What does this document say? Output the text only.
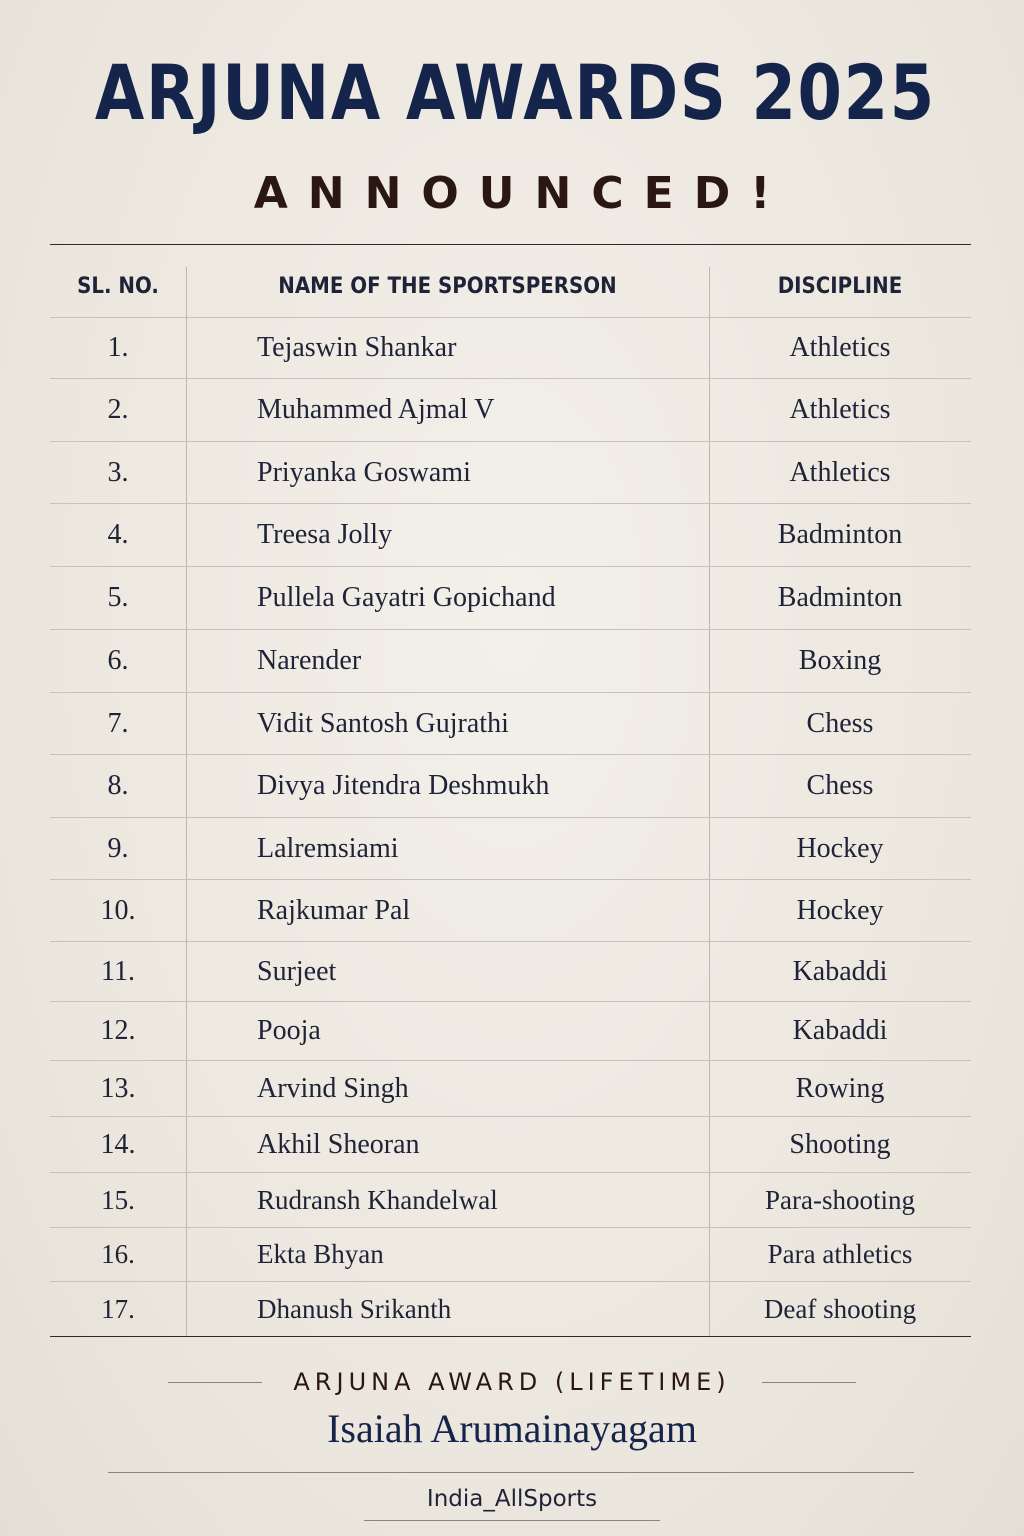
ARJUNA AWARDS 2025
ANNOUNCED!
SL. NO.	NAME OF THE SPORTSPERSON	DISCIPLINE
1.	Tejaswin Shankar	Athletics
2.	Muhammed Ajmal V	Athletics
3.	Priyanka Goswami	Athletics
4.	Treesa Jolly	Badminton
5.	Pullela Gayatri Gopichand	Badminton
6.	Narender	Boxing
7.	Vidit Santosh Gujrathi	Chess
8.	Divya Jitendra Deshmukh	Chess
9.	Lalremsiami	Hockey
10.	Rajkumar Pal	Hockey
11.	Surjeet	Kabaddi
12.	Pooja	Kabaddi
13.	Arvind Singh	Rowing
14.	Akhil Sheoran	Shooting
15.	Rudransh Khandelwal	Para-shooting
16.	Ekta Bhyan	Para athletics
17.	Dhanush Srikanth	Deaf shooting
ARJUNA AWARD (LIFETIME)
Isaiah Arumainayagam
India_AllSports
